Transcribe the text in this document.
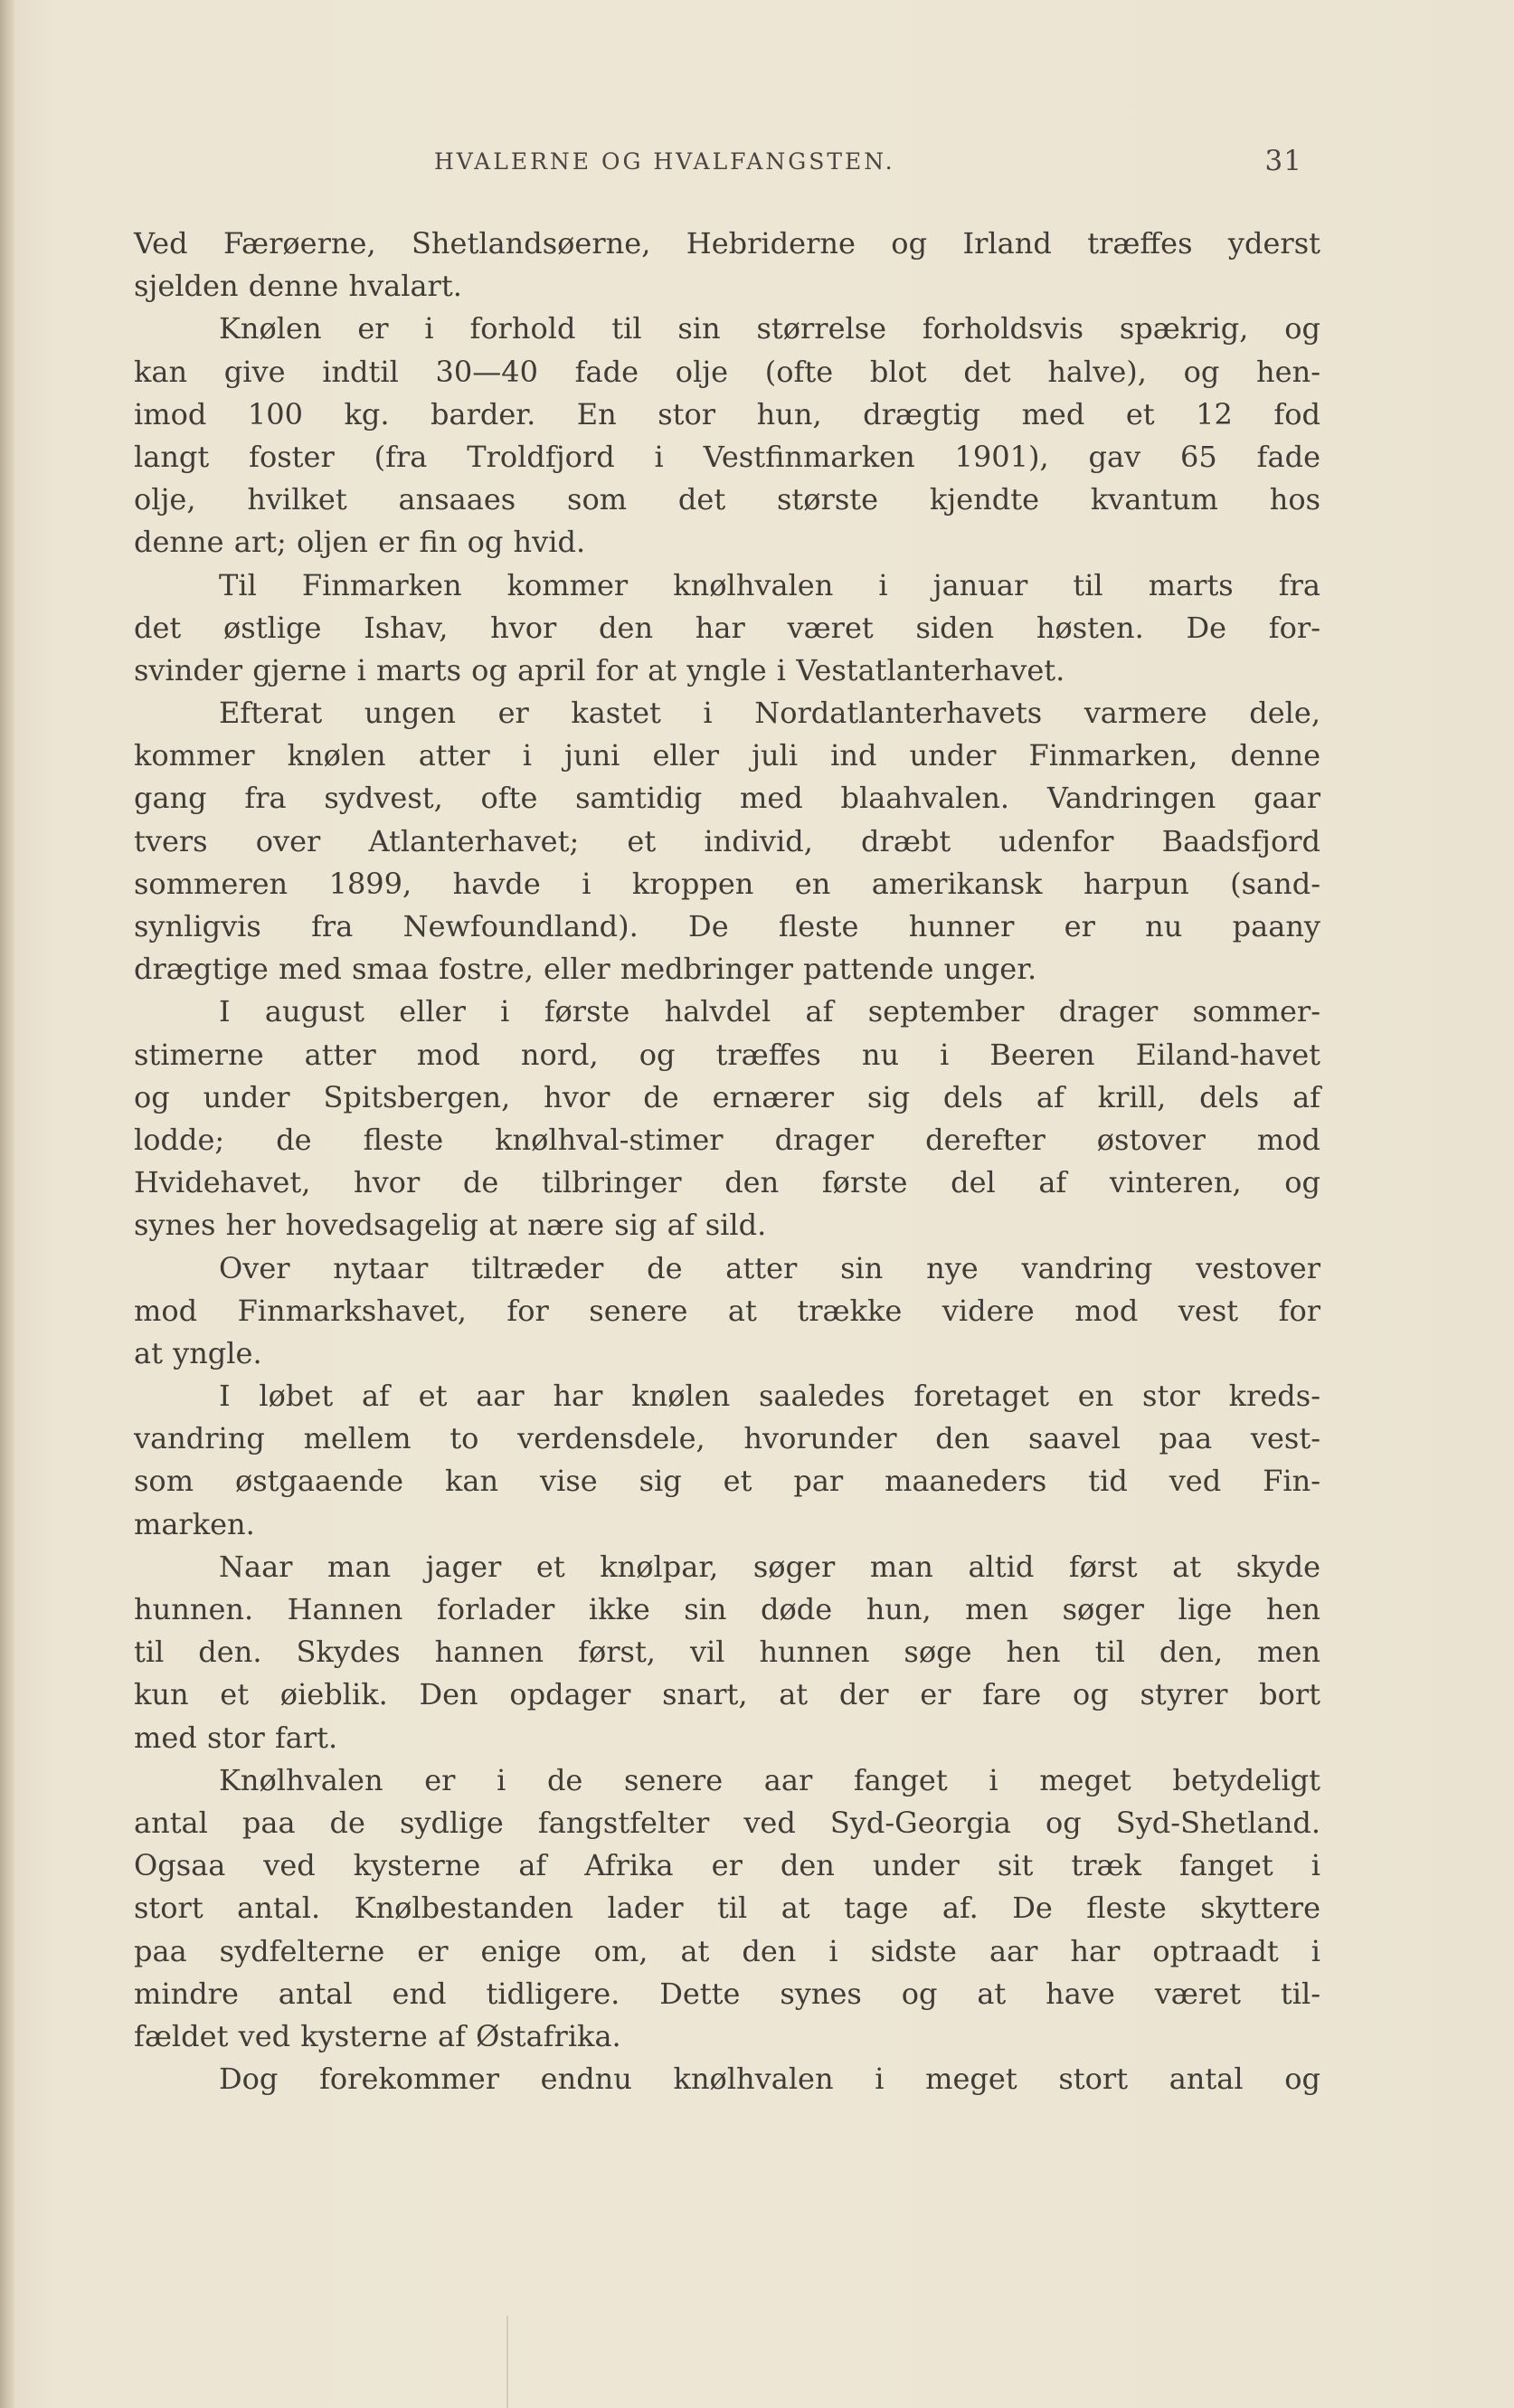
HVALERNE OG HVALFANGSTEN.	31
Ved Færøerne, Shetlandsøerne, Hebriderne og Irland træffes yderst
sjelden denne hvalart.
Knølen er i forhold til sin størrelse forholdsvis spækrig, og
kan give indtil 30—40 fade olje (ofte blot det halve), og hen-
imod 100 kg. barder. En stor hun, drægtig med et 12 fod
langt foster (fra Troldfjord i Vestfinmarken 1901), gav 65 fade
olje, hvilket ansaaes som det største kjendte kvantum hos
denne art; oljen er fin og hvid.
Til Finmarken kommer knølhvalen i januar til marts fra
det østlige Ishav, hvor den har været siden høsten. De for-
svinder gjerne i marts og april for at yngle i Vestatlanterhavet.
Efterat ungen er kastet i Nordatlanterhavets varmere dele,
kommer knølen atter i juni eller juli ind under Finmarken, denne
gang fra sydvest, ofte samtidig med blaahvalen. Vandringen gaar
tvers over Atlanterhavet; et individ, dræbt udenfor Baadsfjord
sommeren 1899, havde i kroppen en amerikansk harpun (sand-
synligvis fra Newfoundland). De fleste hunner er nu paany
drægtige med smaa fostre, eller medbringer pattende unger.
I august eller i første halvdel af september drager sommer-
stimerne atter mod nord, og træffes nu i Beeren Eiland-havet
og under Spitsbergen, hvor de ernærer sig dels af krill, dels af
lodde; de fleste knølhval-stimer drager derefter østover mod
Hvidehavet, hvor de tilbringer den første del af vinteren, og
synes her hovedsagelig at nære sig af sild.
Over nytaar tiltræder de atter sin nye vandring vestover
mod Finmarkshavet, for senere at trække videre mod vest for
at yngle.
I løbet af et aar har knølen saaledes foretaget en stor kreds-
vandring mellem to verdensdele, hvorunder den saavel paa vest-
som østgaaende kan vise sig et par maaneders tid ved Fin-
marken.
Naar man jager et knølpar, søger man altid først at skyde
hunnen. Hannen forlader ikke sin døde hun, men søger lige hen
til den. Skydes hannen først, vil hunnen søge hen til den, men
kun et øieblik. Den opdager snart, at der er fare og styrer bort
med stor fart.
Knølhvalen er i de senere aar fanget i meget betydeligt
antal paa de sydlige fangstfelter ved Syd-Georgia og Syd-Shetland.
Ogsaa ved kysterne af Afrika er den under sit træk fanget i
stort antal. Knølbestanden lader til at tage af. De fleste skyttere
paa sydfelterne er enige om, at den i sidste aar har optraadt i
mindre antal end tidligere. Dette synes og at have været til-
fældet ved kysterne af Østafrika.
Dog forekommer endnu knølhvalen i meget stort antal og
